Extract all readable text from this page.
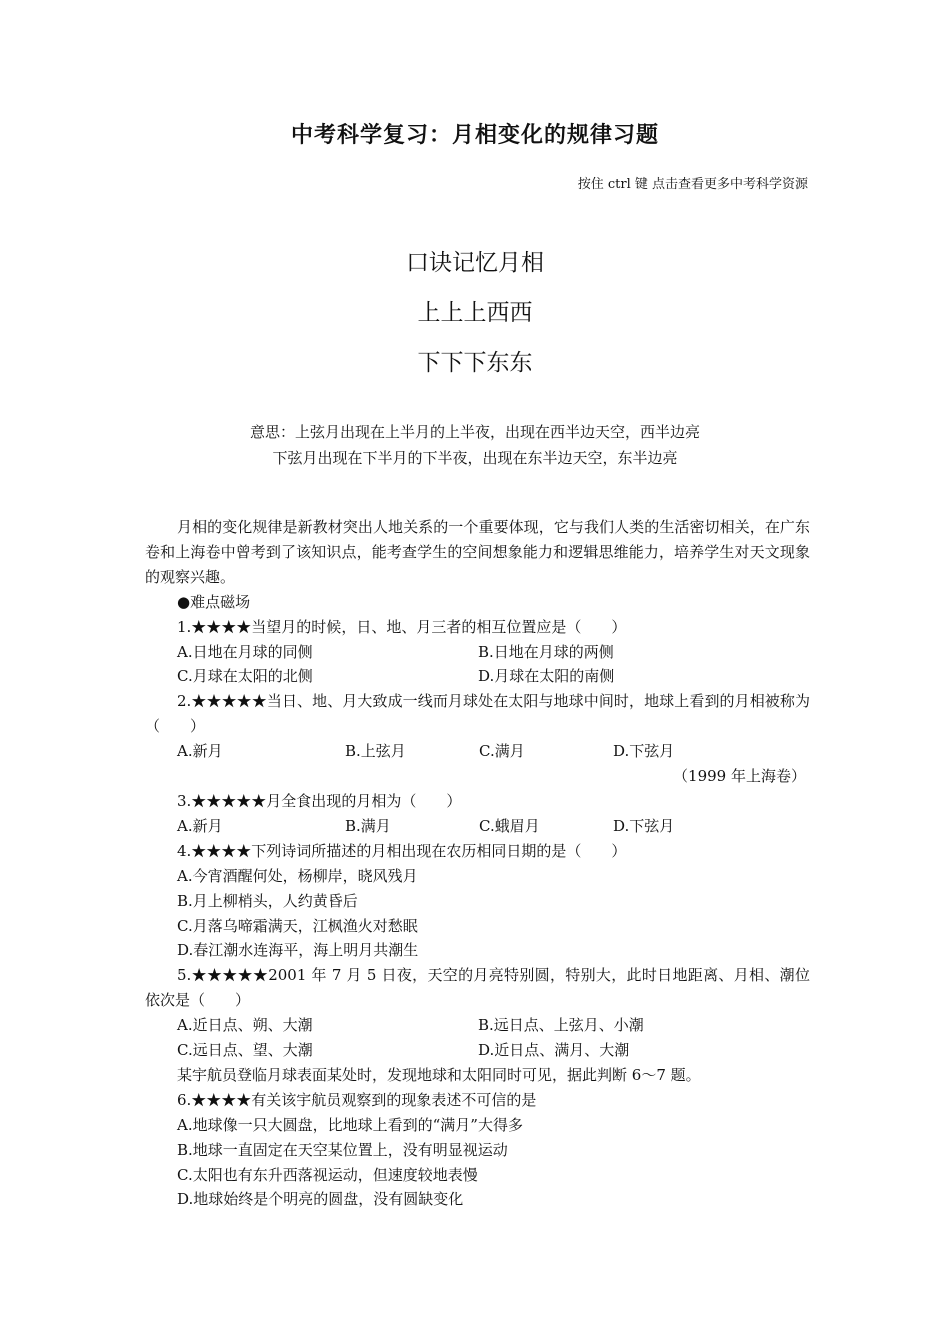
中考科学复习：月相变化的规律习题
按住 ctrl 键 点击查看更多中考科学资源
口诀记忆月相
上上上西西
下下下东东
意思：上弦月出现在上半月的上半夜，出现在西半边天空，西半边亮
下弦月出现在下半月的下半夜，出现在东半边天空，东半边亮
月相的变化规律是新教材突出人地关系的一个重要体现，它与我们人类的生活密切相关，在广东卷和上海卷中曾考到了该知识点，能考查学生的空间想象能力和逻辑思维能力，培养学生对天文现象的观察兴趣。
●难点磁场
1.★★★★当望月的时候，日、地、月三者的相互位置应是（　　）
A.日地在月球的同侧	B.日地在月球的两侧
C.月球在太阳的北侧	D.月球在太阳的南侧
2.★★★★★当日、地、月大致成一线而月球处在太阳与地球中间时，地球上看到的月相被称为（　　）
A.新月	B.上弦月	C.满月	D.下弦月
（1999 年上海卷）
3.★★★★★月全食出现的月相为（　　）
A.新月	B.满月	C.蛾眉月	D.下弦月
4.★★★★下列诗词所描述的月相出现在农历相同日期的是（　　）
A.今宵酒醒何处，杨柳岸，晓风残月
B.月上柳梢头，人约黄昏后
C.月落乌啼霜满天，江枫渔火对愁眠
D.春江潮水连海平，海上明月共潮生
5.★★★★★2001 年 7 月 5 日夜，天空的月亮特别圆，特别大，此时日地距离、月相、潮位依次是（　　）
A.近日点、朔、大潮	B.远日点、上弦月、小潮
C.远日点、望、大潮	D.近日点、满月、大潮
某宇航员登临月球表面某处时，发现地球和太阳同时可见，据此判断 6～7 题。
6.★★★★有关该宇航员观察到的现象表述不可信的是
A.地球像一只大圆盘，比地球上看到的“满月”大得多
B.地球一直固定在天空某位置上，没有明显视运动
C.太阳也有东升西落视运动，但速度较地表慢
D.地球始终是个明亮的圆盘，没有圆缺变化
